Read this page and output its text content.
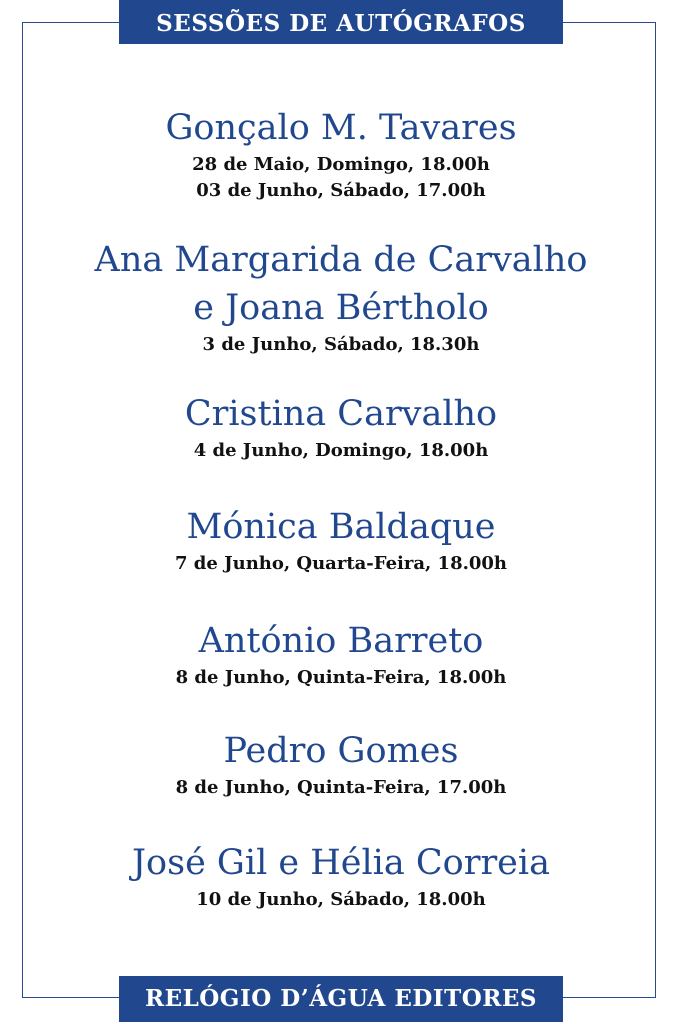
SESSÕES DE AUTÓGRAFOS
Gonçalo M. Tavares
28 de Maio, Domingo, 18.00h
03 de Junho, Sábado, 17.00h
Ana Margarida de Carvalho
e Joana Bértholo
3 de Junho, Sábado, 18.30h
Cristina Carvalho
4 de Junho, Domingo, 18.00h
Mónica Baldaque
7 de Junho, Quarta-Feira, 18.00h
António Barreto
8 de Junho, Quinta-Feira, 18.00h
Pedro Gomes
8 de Junho, Quinta-Feira, 17.00h
José Gil e Hélia Correia
10 de Junho, Sábado, 18.00h
RELÓGIO D’ÁGUA EDITORES
